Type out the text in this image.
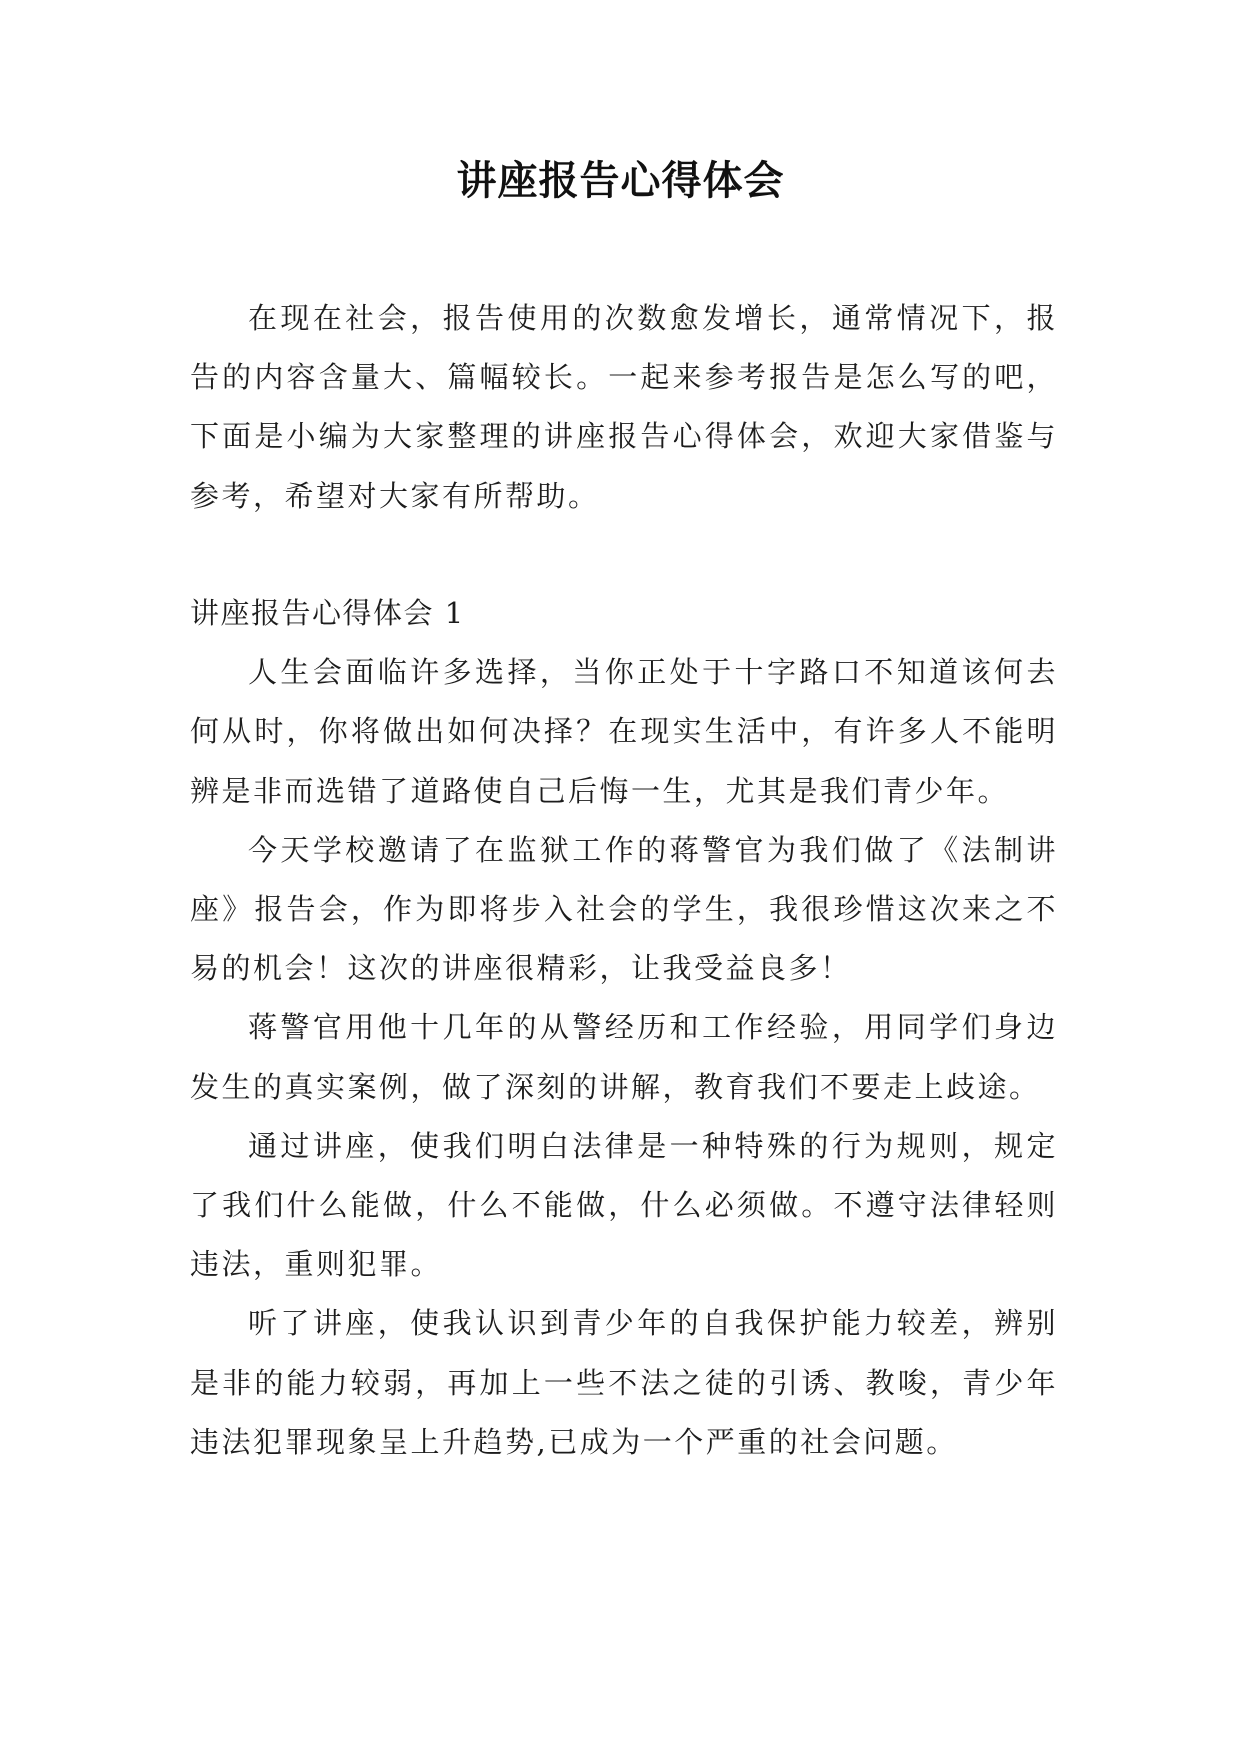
讲座报告心得体会

在现在社会，报告使用的次数愈发增长，通常情况下，报告的内容含量大、篇幅较长。一起来参考报告是怎么写的吧，下面是小编为大家整理的讲座报告心得体会，欢迎大家借鉴与参考，希望对大家有所帮助。

讲座报告心得体会 1

人生会面临许多选择，当你正处于十字路口不知道该何去何从时，你将做出如何决择？在现实生活中，有许多人不能明辨是非而选错了道路使自己后悔一生，尤其是我们青少年。

今天学校邀请了在监狱工作的蒋警官为我们做了《法制讲座》报告会，作为即将步入社会的学生，我很珍惜这次来之不易的机会！这次的讲座很精彩，让我受益良多！

蒋警官用他十几年的从警经历和工作经验，用同学们身边发生的真实案例，做了深刻的讲解，教育我们不要走上歧途。

通过讲座，使我们明白法律是一种特殊的行为规则，规定了我们什么能做，什么不能做，什么必须做。不遵守法律轻则违法，重则犯罪。

听了讲座，使我认识到青少年的自我保护能力较差，辨别是非的能力较弱，再加上一些不法之徒的引诱、教唆，青少年违法犯罪现象呈上升趋势,已成为一个严重的社会问题。
